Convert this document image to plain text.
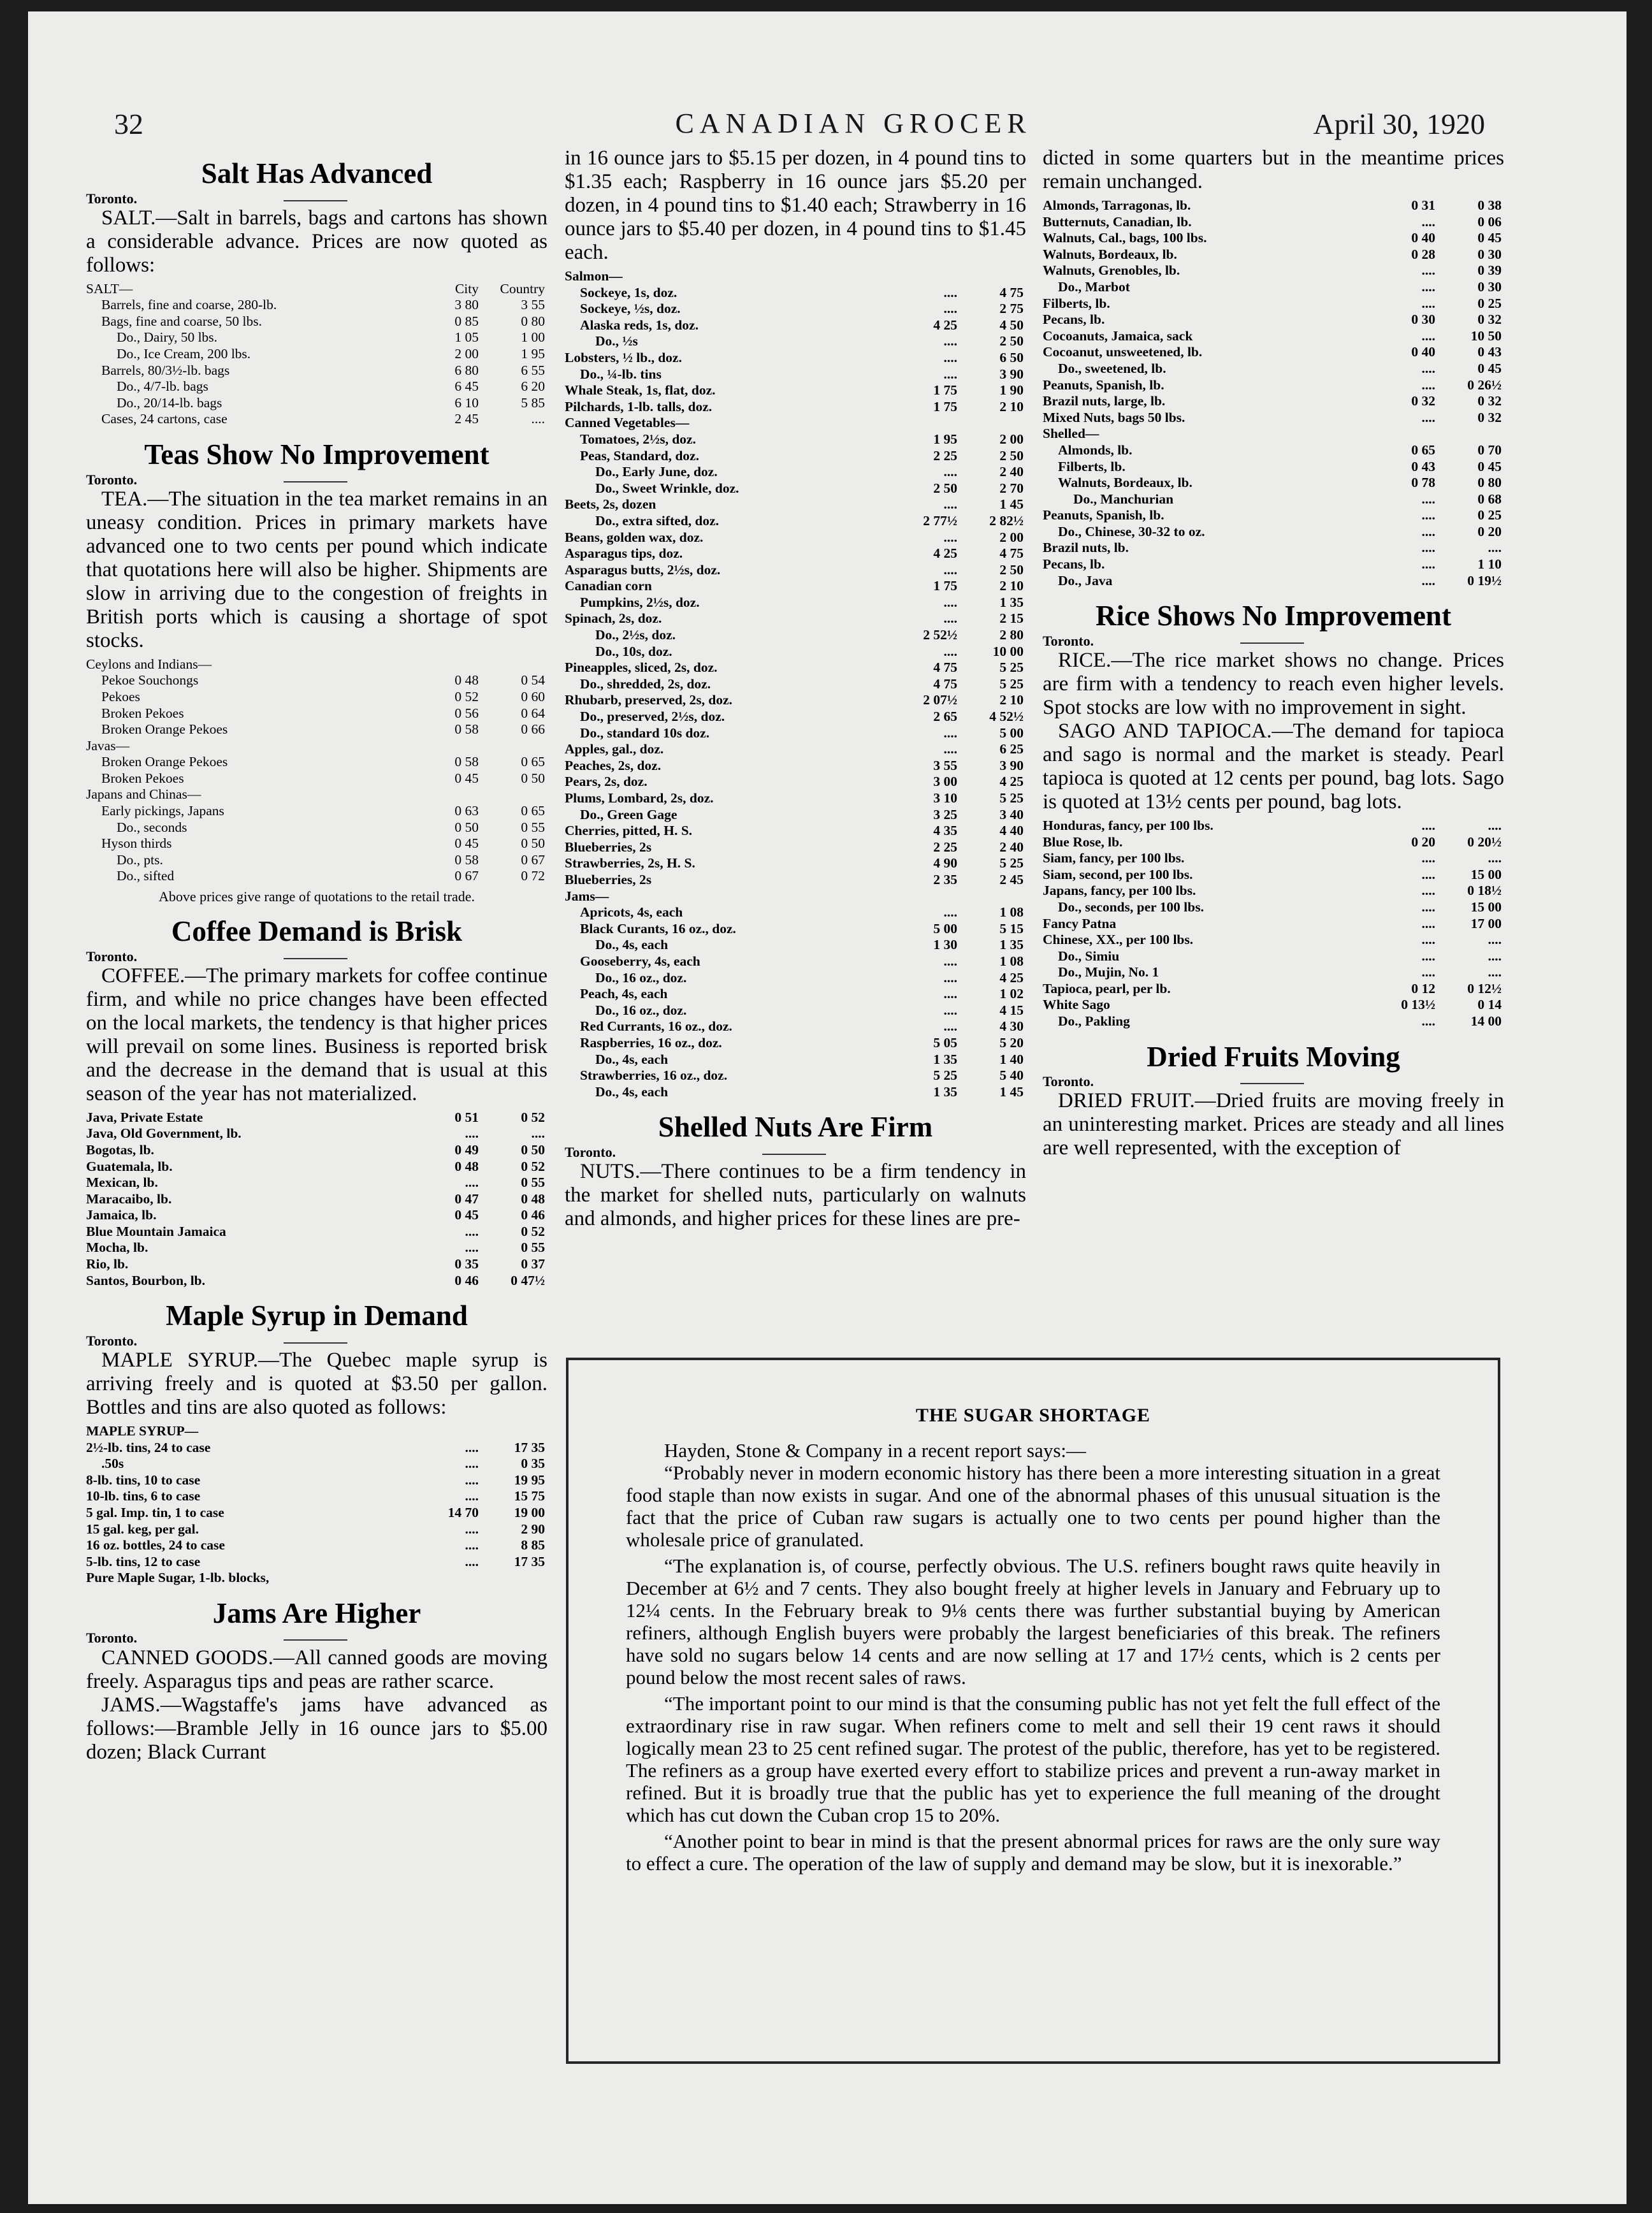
32	CANADIAN GROCER	April 30, 1920
Salt Has Advanced

Toronto.

SALT.—Salt in barrels, bags and cartons has shown a considerable advance. Prices are now quoted as follows:

SALT—	City	Country
Barrels, fine and coarse, 280-lb.	3 80	3 55
Bags, fine and coarse, 50 lbs.	0 85	0 80
Do., Dairy, 50 lbs.	1 05	1 00
Do., Ice Cream, 200 lbs.	2 00	1 95
Barrels, 80/3½-lb. bags	6 80	6 55
Do., 4/7-lb. bags	6 45	6 20
Do., 20/14-lb. bags	6 10	5 85
Cases, 24 cartons, case	2 45	....
Teas Show No Improvement

Toronto.

TEA.—The situation in the tea market remains in an uneasy condition. Prices in primary markets have advanced one to two cents per pound which indicate that quotations here will also be higher. Shipments are slow in arriving due to the congestion of freights in British ports which is causing a shortage of spot stocks.

Ceylons and Indians—		
Pekoe Souchongs	0 48	0 54
Pekoes	0 52	0 60
Broken Pekoes	0 56	0 64
Broken Orange Pekoes	0 58	0 66
Javas—		
Broken Orange Pekoes	0 58	0 65
Broken Pekoes	0 45	0 50
Japans and Chinas—		
Early pickings, Japans	0 63	0 65
Do., seconds	0 50	0 55
Hyson thirds	0 45	0 50
Do., pts.	0 58	0 67
Do., sifted	0 67	0 72

Above prices give range of quotations to the retail trade.

Coffee Demand is Brisk

Toronto.

COFFEE.—The primary markets for coffee continue firm, and while no price changes have been effected on the local markets, the tendency is that higher prices will prevail on some lines. Business is reported brisk and the decrease in the demand that is usual at this season of the year has not materialized.

Java, Private Estate	0 51	0 52
Java, Old Government, lb.	....	....
Bogotas, lb.	0 49	0 50
Guatemala, lb.	0 48	0 52
Mexican, lb.	....	0 55
Maracaibo, lb.	0 47	0 48
Jamaica, lb.	0 45	0 46
Blue Mountain Jamaica	....	0 52
Mocha, lb.	....	0 55
Rio, lb.	0 35	0 37
Santos, Bourbon, lb.	0 46	0 47½
Maple Syrup in Demand

Toronto.

MAPLE SYRUP.—The Quebec maple syrup is arriving freely and is quoted at $3.50 per gallon. Bottles and tins are also quoted as follows:

MAPLE SYRUP—		
2½-lb. tins, 24 to case	....	17 35
.50s	....	0 35
8-lb. tins, 10 to case	....	19 95
10-lb. tins, 6 to case	....	15 75
5 gal. Imp. tin, 1 to case	14 70	19 00
15 gal. keg, per gal.	....	2 90
16 oz. bottles, 24 to case	....	8 85
5-lb. tins, 12 to case	....	17 35
Pure Maple Sugar, 1-lb. blocks,		
Jams Are Higher

Toronto.

CANNED GOODS.—All canned goods are moving freely. Asparagus tips and peas are rather scarce.

JAMS.—Wagstaffe's jams have advanced as follows:—Bramble Jelly in 16 ounce jars to $5.00 dozen; Black Currant

in 16 ounce jars to $5.15 per dozen, in 4 pound tins to $1.35 each; Raspberry in 16 ounce jars $5.20 per dozen, in 4 pound tins to $1.40 each; Strawberry in 16 ounce jars to $5.40 per dozen, in 4 pound tins to $1.45 each.

Salmon—		
Sockeye, 1s, doz.	....	4 75
Sockeye, ½s, doz.	....	2 75
Alaska reds, 1s, doz.	4 25	4 50
Do., ½s	....	2 50
Lobsters, ½ lb., doz.	....	6 50
Do., ¼-lb. tins	....	3 90
Whale Steak, 1s, flat, doz.	1 75	1 90
Pilchards, 1-lb. talls, doz.	1 75	2 10
Canned Vegetables—		
Tomatoes, 2½s, doz.	1 95	2 00
Peas, Standard, doz.	2 25	2 50
Do., Early June, doz.	....	2 40
Do., Sweet Wrinkle, doz.	2 50	2 70
Beets, 2s, dozen	....	1 45
Do., extra sifted, doz.	2 77½	2 82½
Beans, golden wax, doz.	....	2 00
Asparagus tips, doz.	4 25	4 75
Asparagus butts, 2½s, doz.	....	2 50
Canadian corn	1 75	2 10
Pumpkins, 2½s, doz.	....	1 35
Spinach, 2s, doz.	....	2 15
Do., 2½s, doz.	2 52½	2 80
Do., 10s, doz.	....	10 00
Pineapples, sliced, 2s, doz.	4 75	5 25
Do., shredded, 2s, doz.	4 75	5 25
Rhubarb, preserved, 2s, doz.	2 07½	2 10
Do., preserved, 2½s, doz.	2 65	4 52½
Do., standard 10s doz.	....	5 00
Apples, gal., doz.	....	6 25
Peaches, 2s, doz.	3 55	3 90
Pears, 2s, doz.	3 00	4 25
Plums, Lombard, 2s, doz.	3 10	5 25
Do., Green Gage	3 25	3 40
Cherries, pitted, H. S.	4 35	4 40
Blueberries, 2s	2 25	2 40
Strawberries, 2s, H. S.	4 90	5 25
Blueberries, 2s	2 35	2 45
Jams—		
Apricots, 4s, each	....	1 08
Black Curants, 16 oz., doz.	5 00	5 15
Do., 4s, each	1 30	1 35
Gooseberry, 4s, each	....	1 08
Do., 16 oz., doz.	....	4 25
Peach, 4s, each	....	1 02
Do., 16 oz., doz.	....	4 15
Red Currants, 16 oz., doz.	....	4 30
Raspberries, 16 oz., doz.	5 05	5 20
Do., 4s, each	1 35	1 40
Strawberries, 16 oz., doz.	5 25	5 40
Do., 4s, each	1 35	1 45
Shelled Nuts Are Firm

Toronto.

NUTS.—There continues to be a firm tendency in the market for shelled nuts, particularly on walnuts and almonds, and higher prices for these lines are pre-

dicted in some quarters but in the meantime prices remain unchanged.

Almonds, Tarragonas, lb.	0 31	0 38
Butternuts, Canadian, lb.	....	0 06
Walnuts, Cal., bags, 100 lbs.	0 40	0 45
Walnuts, Bordeaux, lb.	0 28	0 30
Walnuts, Grenobles, lb.	....	0 39
Do., Marbot	....	0 30
Filberts, lb.	....	0 25
Pecans, lb.	0 30	0 32
Cocoanuts, Jamaica, sack	....	10 50
Cocoanut, unsweetened, lb.	0 40	0 43
Do., sweetened, lb.	....	0 45
Peanuts, Spanish, lb.	....	0 26½
Brazil nuts, large, lb.	0 32	0 32
Mixed Nuts, bags 50 lbs.	....	0 32
Shelled—		
Almonds, lb.	0 65	0 70
Filberts, lb.	0 43	0 45
Walnuts, Bordeaux, lb.	0 78	0 80
Do., Manchurian	....	0 68
Peanuts, Spanish, lb.	....	0 25
Do., Chinese, 30-32 to oz.	....	0 20
Brazil nuts, lb.	....	....
Pecans, lb.	....	1 10
Do., Java	....	0 19½
Rice Shows No Improvement

Toronto.

RICE.—The rice market shows no change. Prices are firm with a tendency to reach even higher levels. Spot stocks are low with no improvement in sight.

SAGO AND TAPIOCA.—The demand for tapioca and sago is normal and the market is steady. Pearl tapioca is quoted at 12 cents per pound, bag lots. Sago is quoted at 13½ cents per pound, bag lots.

Honduras, fancy, per 100 lbs.	....	....
Blue Rose, lb.	0 20	0 20½
Siam, fancy, per 100 lbs.	....	....
Siam, second, per 100 lbs.	....	15 00
Japans, fancy, per 100 lbs.	....	0 18½
Do., seconds, per 100 lbs.	....	15 00
Fancy Patna	....	17 00
Chinese, XX., per 100 lbs.	....	....
Do., Simiu	....	....
Do., Mujin, No. 1	....	....
Tapioca, pearl, per lb.	0 12	0 12½
White Sago	0 13½	0 14
Do., Pakling	....	14 00
Dried Fruits Moving

Toronto.

DRIED FRUIT.—Dried fruits are moving freely in an uninteresting market. Prices are steady and all lines are well represented, with the exception of

THE SUGAR SHORTAGE

Hayden, Stone & Company in a recent report says:—

“Probably never in modern economic history has there been a more interesting situation in a great food staple than now exists in sugar. And one of the abnormal phases of this unusual situation is the fact that the price of Cuban raw sugars is actually one to two cents per pound higher than the wholesale price of granulated.

“The explanation is, of course, perfectly obvious. The U.S. refiners bought raws quite heavily in December at 6½ and 7 cents. They also bought freely at higher levels in January and February up to 12¼ cents. In the February break to 9⅛ cents there was further substantial buying by American refiners, although English buyers were probably the largest beneficiaries of this break. The refiners have sold no sugars below 14 cents and are now selling at 17 and 17½ cents, which is 2 cents per pound below the most recent sales of raws.

“The important point to our mind is that the consuming public has not yet felt the full effect of the extraordinary rise in raw sugar. When refiners come to melt and sell their 19 cent raws it should logically mean 23 to 25 cent refined sugar. The protest of the public, therefore, has yet to be registered. The refiners as a group have exerted every effort to stabilize prices and prevent a run-away market in refined. But it is broadly true that the public has yet to experience the full meaning of the drought which has cut down the Cuban crop 15 to 20%.

“Another point to bear in mind is that the present abnormal prices for raws are the only sure way to effect a cure. The operation of the law of supply and demand may be slow, but it is inexorable.”
